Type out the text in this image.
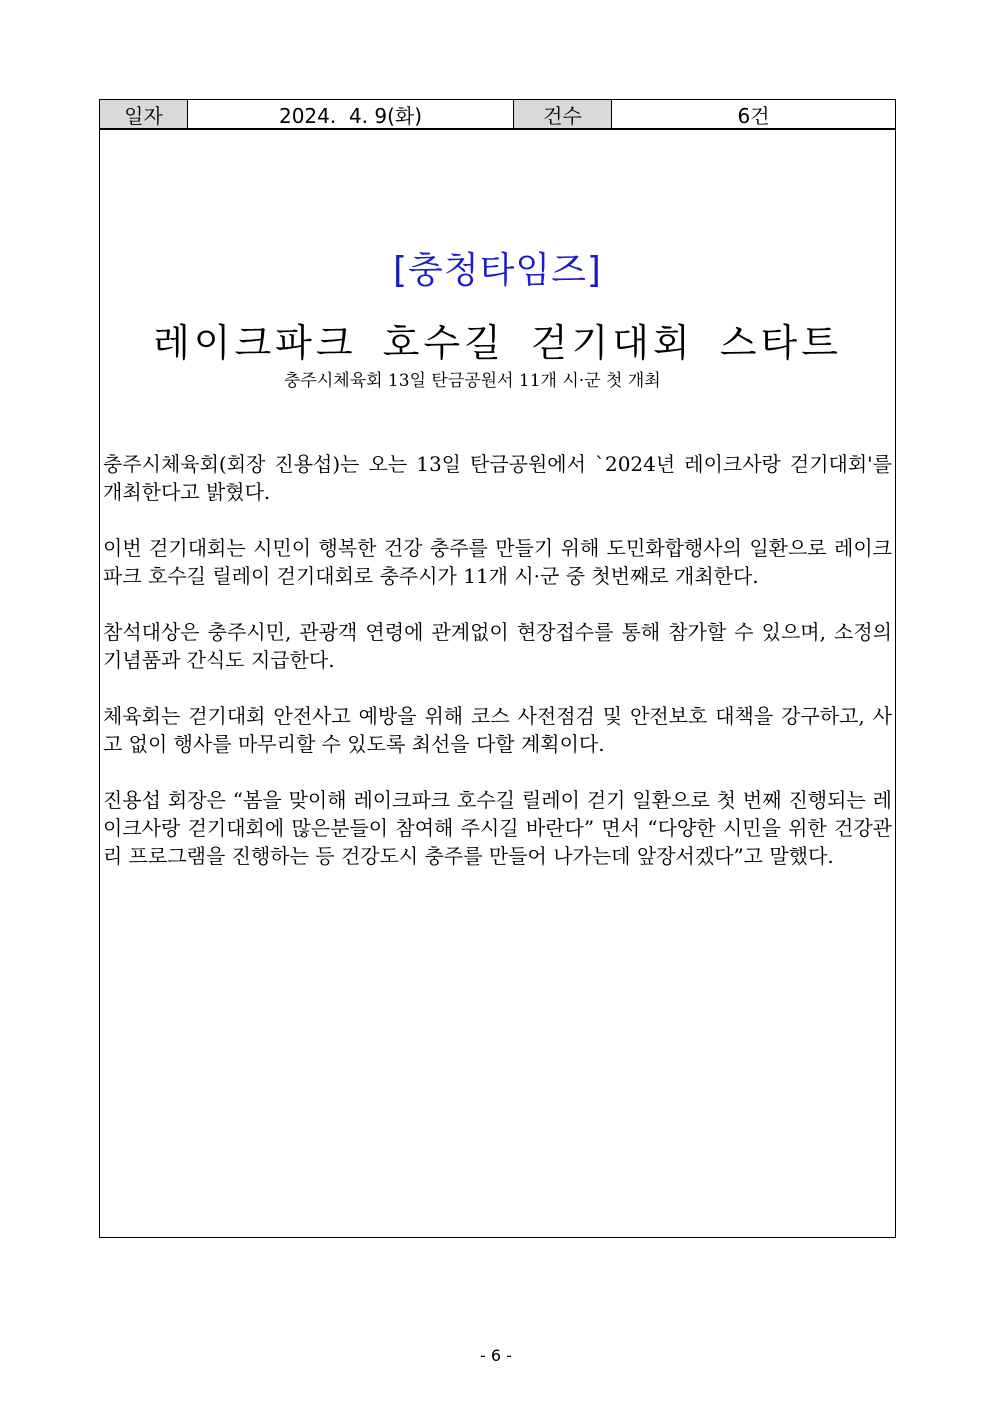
일자	2024.  4. 9(화)	건수	6건
[충청타임즈]
레이크파크 호수길 걷기대회 스타트
충주시체육회 13일 탄금공원서 11개 시·군 첫 개최

충주시체육회(회장 진용섭)는 오는 13일 탄금공원에서 `2024년 레이크사랑 걷기대회'를 개최한다고 밝혔다.

이번 걷기대회는 시민이 행복한 건강 충주를 만들기 위해 도민화합행사의 일환으로 레이크파크 호수길 릴레이 걷기대회로 충주시가 11개 시·군 중 첫번째로 개최한다.

참석대상은 충주시민, 관광객 연령에 관계없이 현장접수를 통해 참가할 수 있으며, 소정의 기념품과 간식도 지급한다.

체육회는 걷기대회 안전사고 예방을 위해 코스 사전점검 및 안전보호 대책을 강구하고, 사고 없이 행사를 마무리할 수 있도록 최선을 다할 계획이다.

진용섭 회장은 “봄을 맞이해 레이크파크 호수길 릴레이 걷기 일환으로 첫 번째 진행되는 레이크사랑 걷기대회에 많은분들이 참여해 주시길 바란다” 면서 “다양한 시민을 위한 건강관리 프로그램을 진행하는 등 건강도시 충주를 만들어 나가는데 앞장서겠다”고 말했다.

- 6 -
